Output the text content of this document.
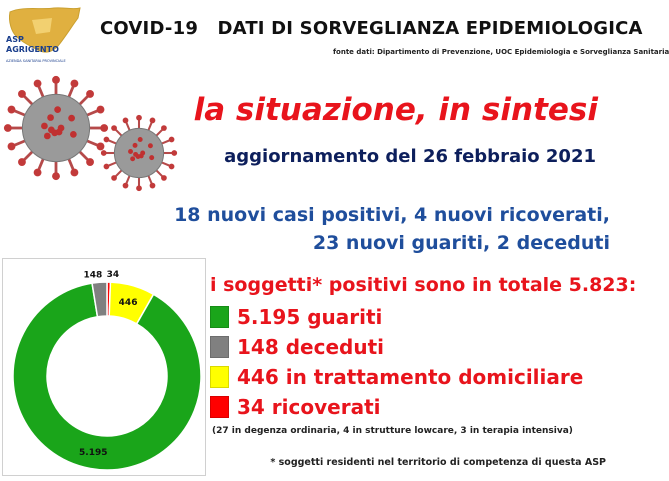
ASP
AGRIGENTO
AZIENDA SANITARIA PROVINCIALE
COVID-19   DATI DI SORVEGLIANZA EPIDEMIOLOGICA
fonte dati: Dipartimento di Prevenzione, UOC Epidemiologia e Sorveglianza Sanitaria
la situazione, in sintesi
aggiornamento del 26 febbraio 2021
18 nuovi casi positivi, 4 nuovi ricoverati,
23 nuovi guariti, 2 deceduti
i soggetti* positivi sono in totale 5.823:
5.195 guariti
148 deceduti
446 in trattamento domiciliare
34 ricoverati
(27 in degenza ordinaria, 4 in strutture lowcare, 3 in terapia intensiva)
* soggetti residenti nel territorio di competenza di questa ASP
5.195
148
446
34
